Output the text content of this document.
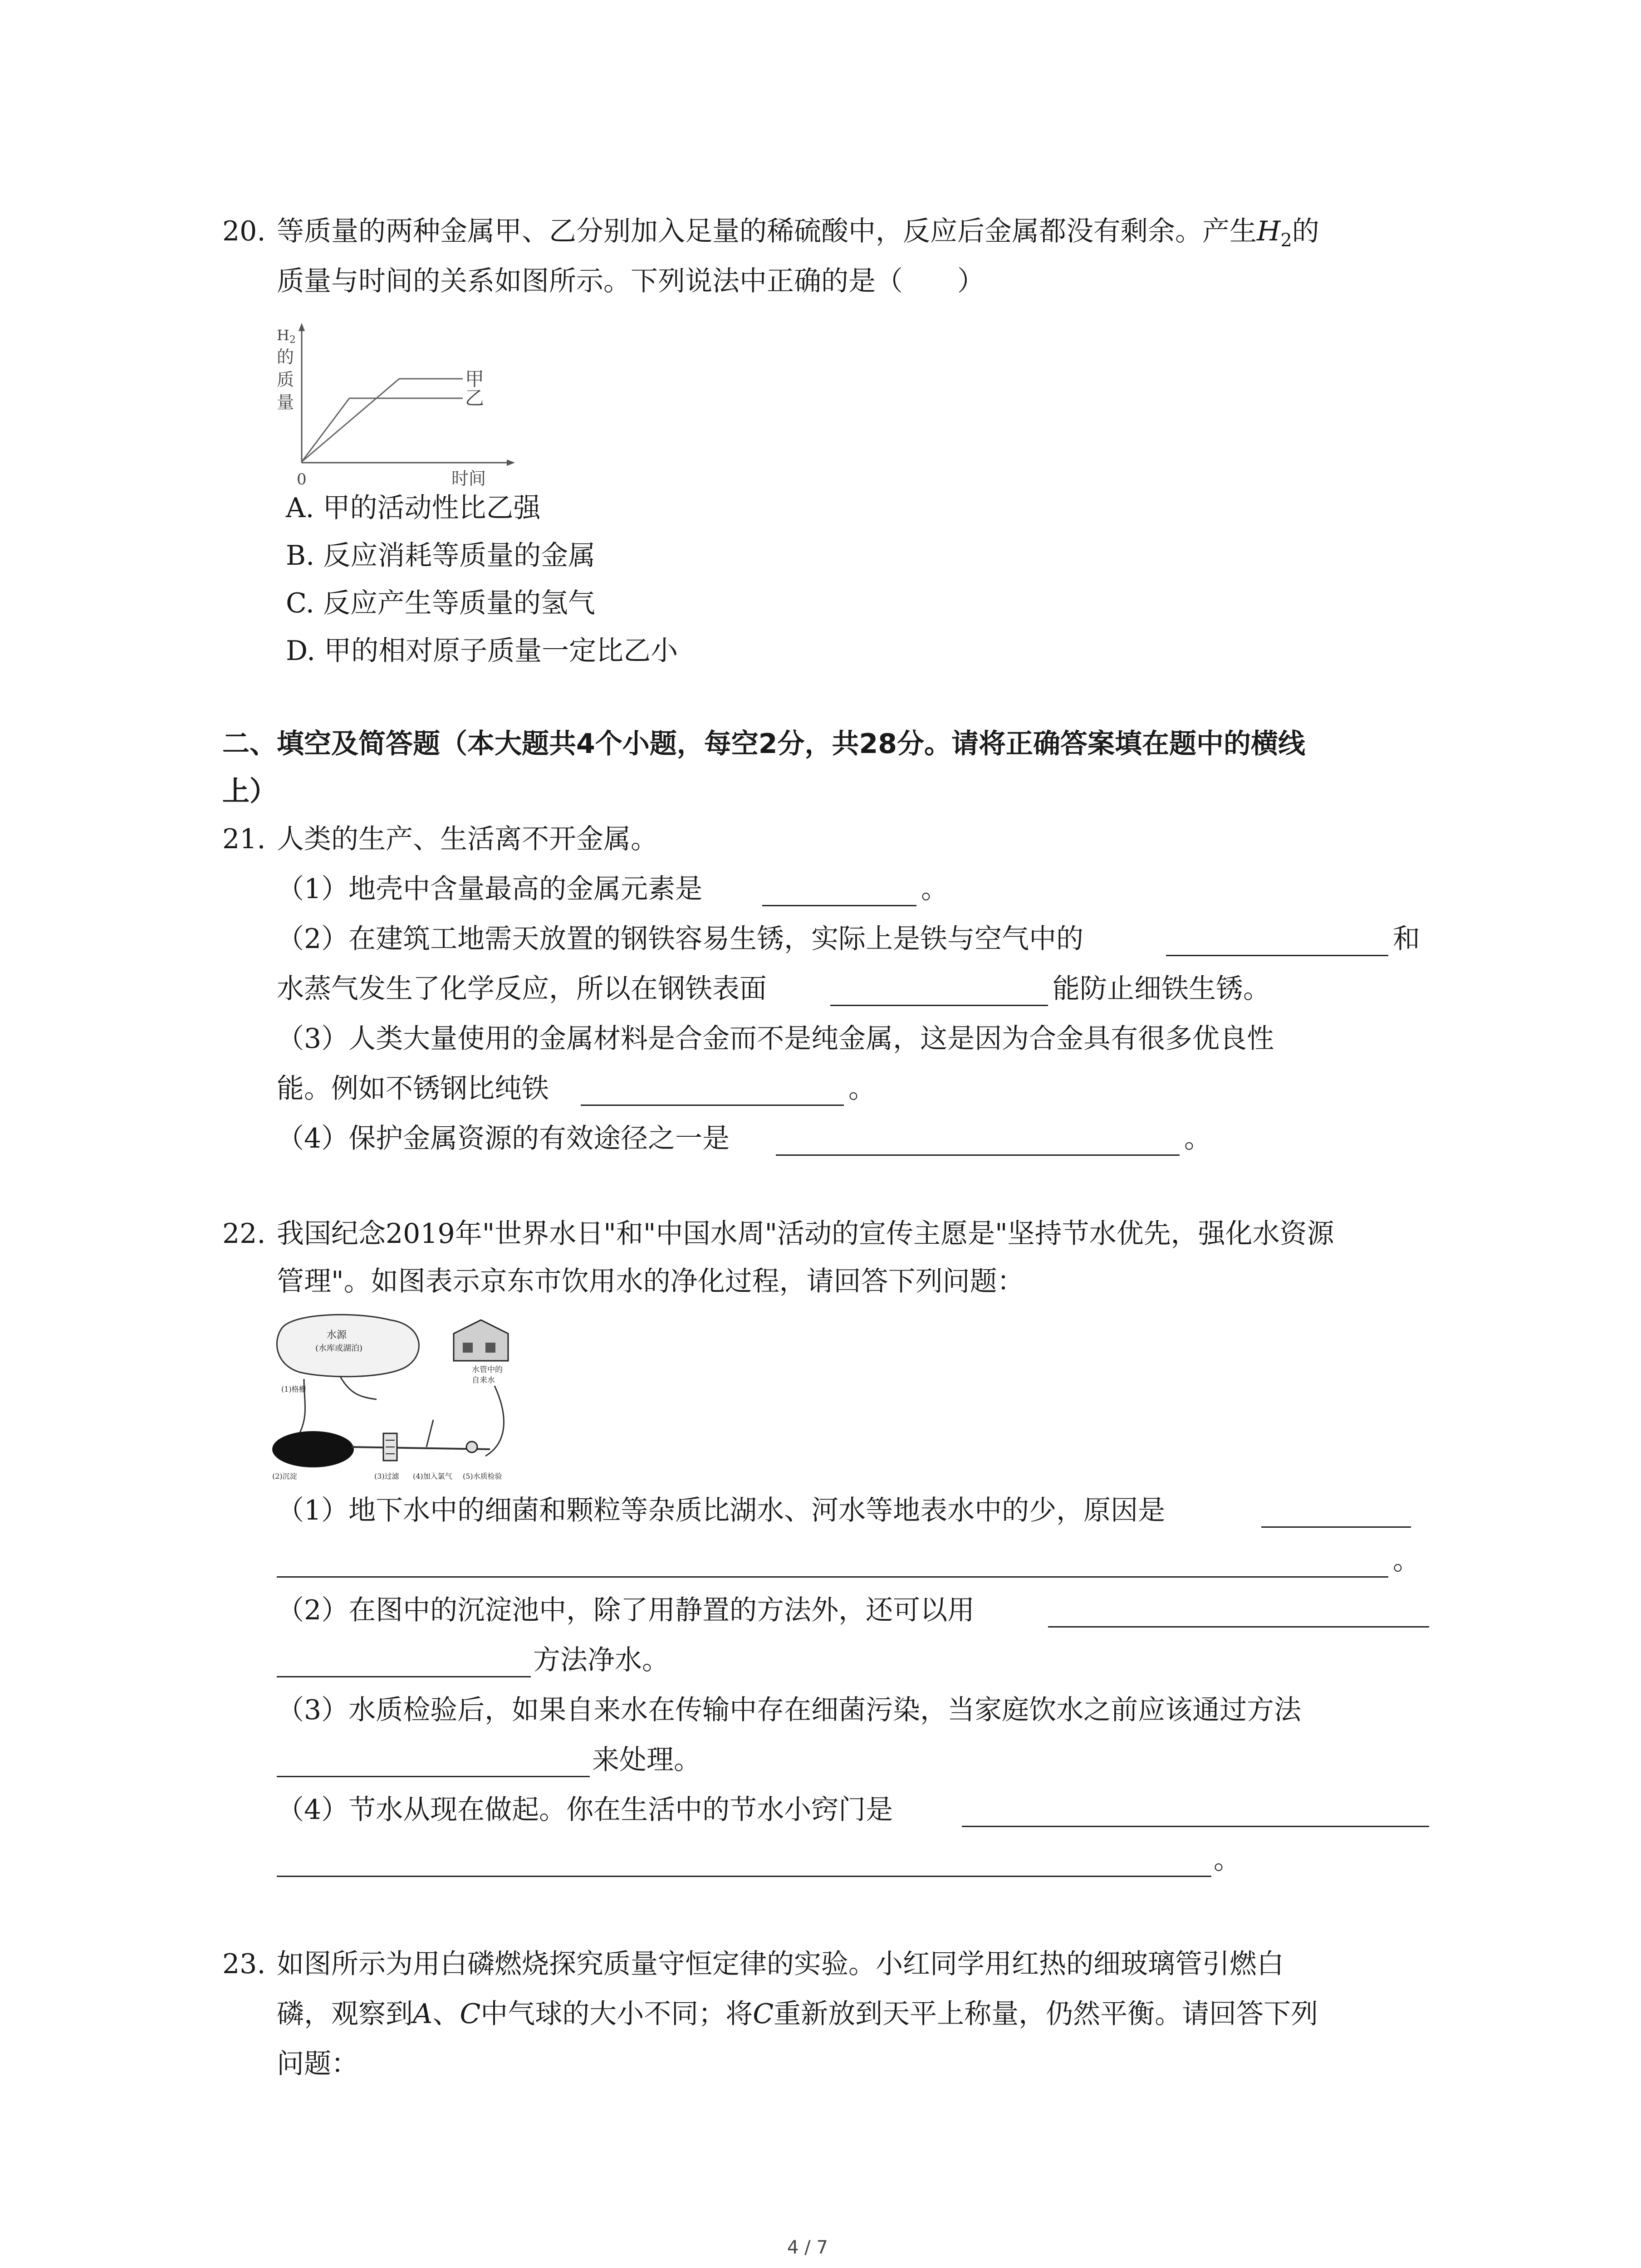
20. 等质量的两种金属甲、乙分别加入足量的稀硫酸中，反应后金属都没有剩余。产生$H_2$的
质量与时间的关系如图所示。下列说法中正确的是（　　）
甲
乙
H2
的
质
量
0	时间
A. 甲的活动性比乙强
B. 反应消耗等质量的金属
C. 反应产生等质量的氢气
D. 甲的相对原子质量一定比乙小
二、填空及简答题（本大题共4个小题，每空2分，共28分。请将正确答案填在题中的横线
上）
21. 人类的生产、生活离不开金属。
（1）地壳中含量最高的金属元素是	。
（2）在建筑工地需天放置的钢铁容易生锈，实际上是铁与空气中的	和
水蒸气发生了化学反应，所以在钢铁表面	能防止细铁生锈。
（3）人类大量使用的金属材料是合金而不是纯金属，这是因为合金具有很多优良性
能。例如不锈钢比纯铁	。
（4）保护金属资源的有效途径之一是	。
22. 我国纪念2019年"世界水日"和"中国水周"活动的宣传主愿是"坚持节水优先，强化水资源
管理"。如图表示京东市饮用水的净化过程，请回答下列问题：
水源
(水库或湖泊)
(1)格栅
水管中的
自来水
(2)沉淀	(3)过滤 (4)加入氯气 (5)水质检验
（1）地下水中的细菌和颗粒等杂质比湖水、河水等地表水中的少，原因是
。
（2）在图中的沉淀池中，除了用静置的方法外，还可以用
方法净水。
（3）水质检验后，如果自来水在传输中存在细菌污染，当家庭饮水之前应该通过方法
来处理。
（4）节水从现在做起。你在生活中的节水小窍门是
。
23. 如图所示为用白磷燃烧探究质量守恒定律的实验。小红同学用红热的细玻璃管引燃白
磷，观察到A、C中气球的大小不同；将C重新放到天平上称量，仍然平衡。请回答下列
问题：
4 / 7
